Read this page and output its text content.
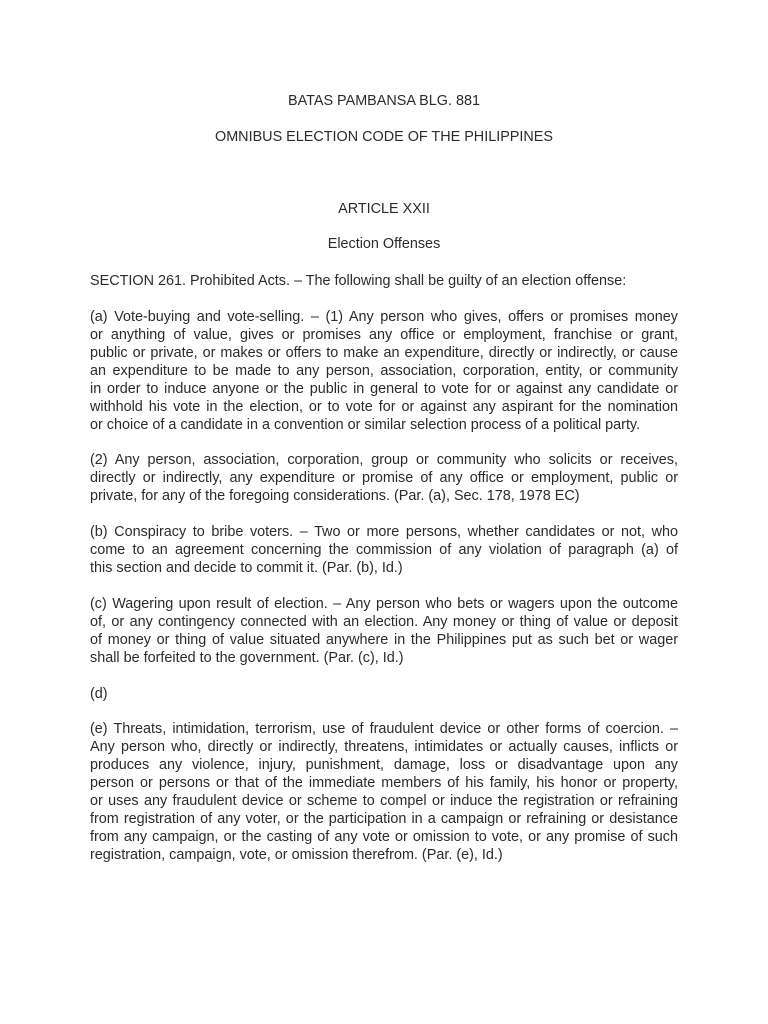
BATAS PAMBANSA BLG. 881
OMNIBUS ELECTION CODE OF THE PHILIPPINES
ARTICLE XXII
Election Offenses
SECTION 261. Prohibited Acts. – The following shall be guilty of an election offense:
(a) Vote-buying and vote-selling. – (1) Any person who gives, offers or promises money
or anything of value, gives or promises any office or employment, franchise or grant,
public or private, or makes or offers to make an expenditure, directly or indirectly, or cause
an expenditure to be made to any person, association, corporation, entity, or community
in order to induce anyone or the public in general to vote for or against any candidate or
withhold his vote in the election, or to vote for or against any aspirant for the nomination
or choice of a candidate in a convention or similar selection process of a political party.
(2) Any person, association, corporation, group or community who solicits or receives,
directly or indirectly, any expenditure or promise of any office or employment, public or
private, for any of the foregoing considerations. (Par. (a), Sec. 178, 1978 EC)
(b) Conspiracy to bribe voters. – Two or more persons, whether candidates or not, who
come to an agreement concerning the commission of any violation of paragraph (a) of
this section and decide to commit it. (Par. (b), Id.)
(c) Wagering upon result of election. – Any person who bets or wagers upon the outcome
of, or any contingency connected with an election. Any money or thing of value or deposit
of money or thing of value situated anywhere in the Philippines put as such bet or wager
shall be forfeited to the government. (Par. (c), Id.)
(d)
(e) Threats, intimidation, terrorism, use of fraudulent device or other forms of coercion. –
Any person who, directly or indirectly, threatens, intimidates or actually causes, inflicts or
produces any violence, injury, punishment, damage, loss or disadvantage upon any
person or persons or that of the immediate members of his family, his honor or property,
or uses any fraudulent device or scheme to compel or induce the registration or refraining
from registration of any voter, or the participation in a campaign or refraining or desistance
from any campaign, or the casting of any vote or omission to vote, or any promise of such
registration, campaign, vote, or omission therefrom. (Par. (e), Id.)
